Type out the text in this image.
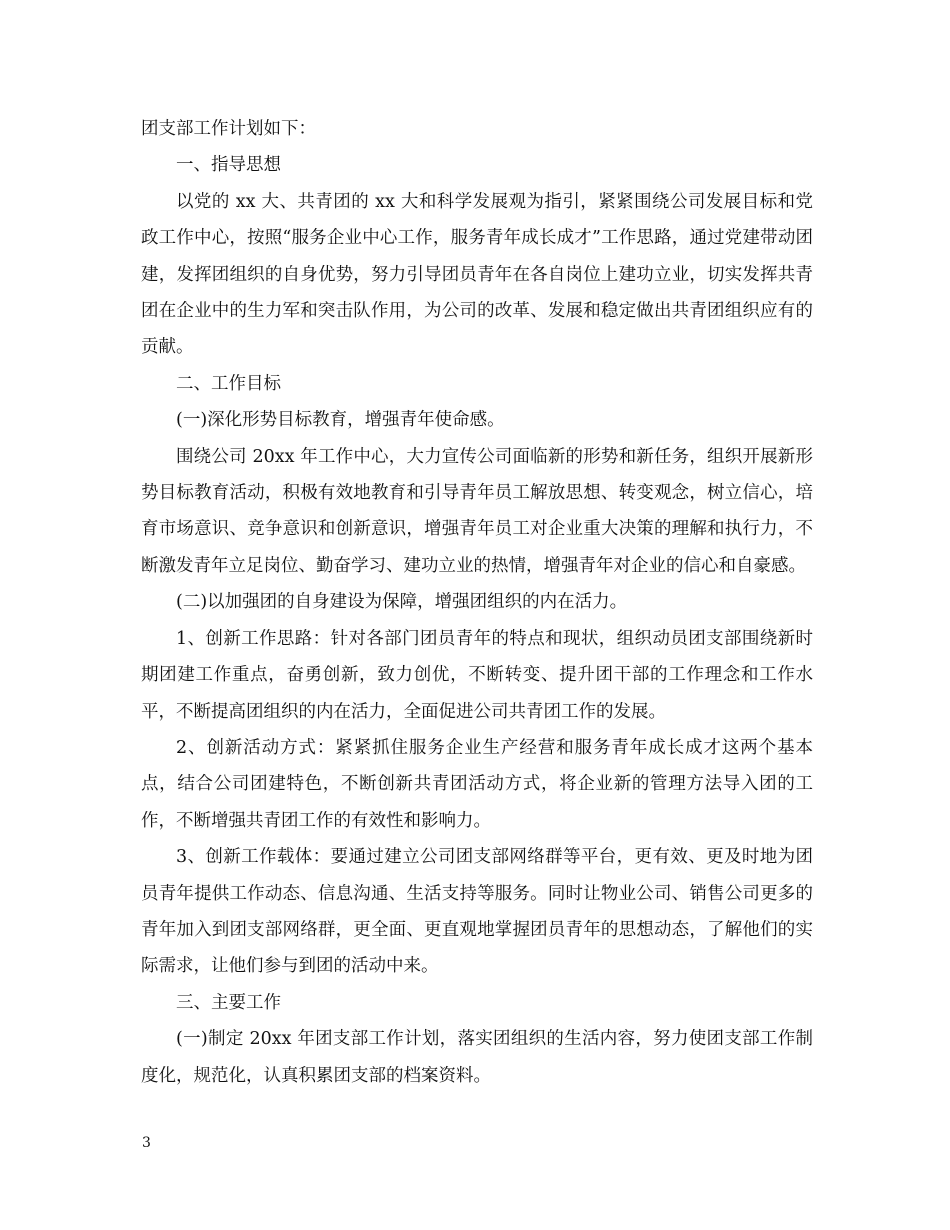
团支部工作计划如下：

一、指导思想

以党的 xx 大、共青团的 xx 大和科学发展观为指引，紧紧围绕公司发展目标和党政工作中心，按照“服务企业中心工作，服务青年成长成才”工作思路，通过党建带动团建，发挥团组织的自身优势，努力引导团员青年在各自岗位上建功立业，切实发挥共青团在企业中的生力军和突击队作用，为公司的改革、发展和稳定做出共青团组织应有的贡献。

二、工作目标

(一)深化形势目标教育，增强青年使命感。

围绕公司 20xx 年工作中心，大力宣传公司面临新的形势和新任务，组织开展新形势目标教育活动，积极有效地教育和引导青年员工解放思想、转变观念，树立信心，培育市场意识、竞争意识和创新意识，增强青年员工对企业重大决策的理解和执行力，不断激发青年立足岗位、勤奋学习、建功立业的热情，增强青年对企业的信心和自豪感。

(二)以加强团的自身建设为保障，增强团组织的内在活力。

1、创新工作思路：针对各部门团员青年的特点和现状，组织动员团支部围绕新时期团建工作重点，奋勇创新，致力创优，不断转变、提升团干部的工作理念和工作水平，不断提高团组织的内在活力，全面促进公司共青团工作的发展。

2、创新活动方式：紧紧抓住服务企业生产经营和服务青年成长成才这两个基本点，结合公司团建特色，不断创新共青团活动方式，将企业新的管理方法导入团的工作，不断增强共青团工作的有效性和影响力。

3、创新工作载体：要通过建立公司团支部网络群等平台，更有效、更及时地为团员青年提供工作动态、信息沟通、生活支持等服务。同时让物业公司、销售公司更多的青年加入到团支部网络群，更全面、更直观地掌握团员青年的思想动态，了解他们的实际需求，让他们参与到团的活动中来。

三、主要工作

(一)制定 20xx 年团支部工作计划，落实团组织的生活内容，努力使团支部工作制度化，规范化，认真积累团支部的档案资料。

3
